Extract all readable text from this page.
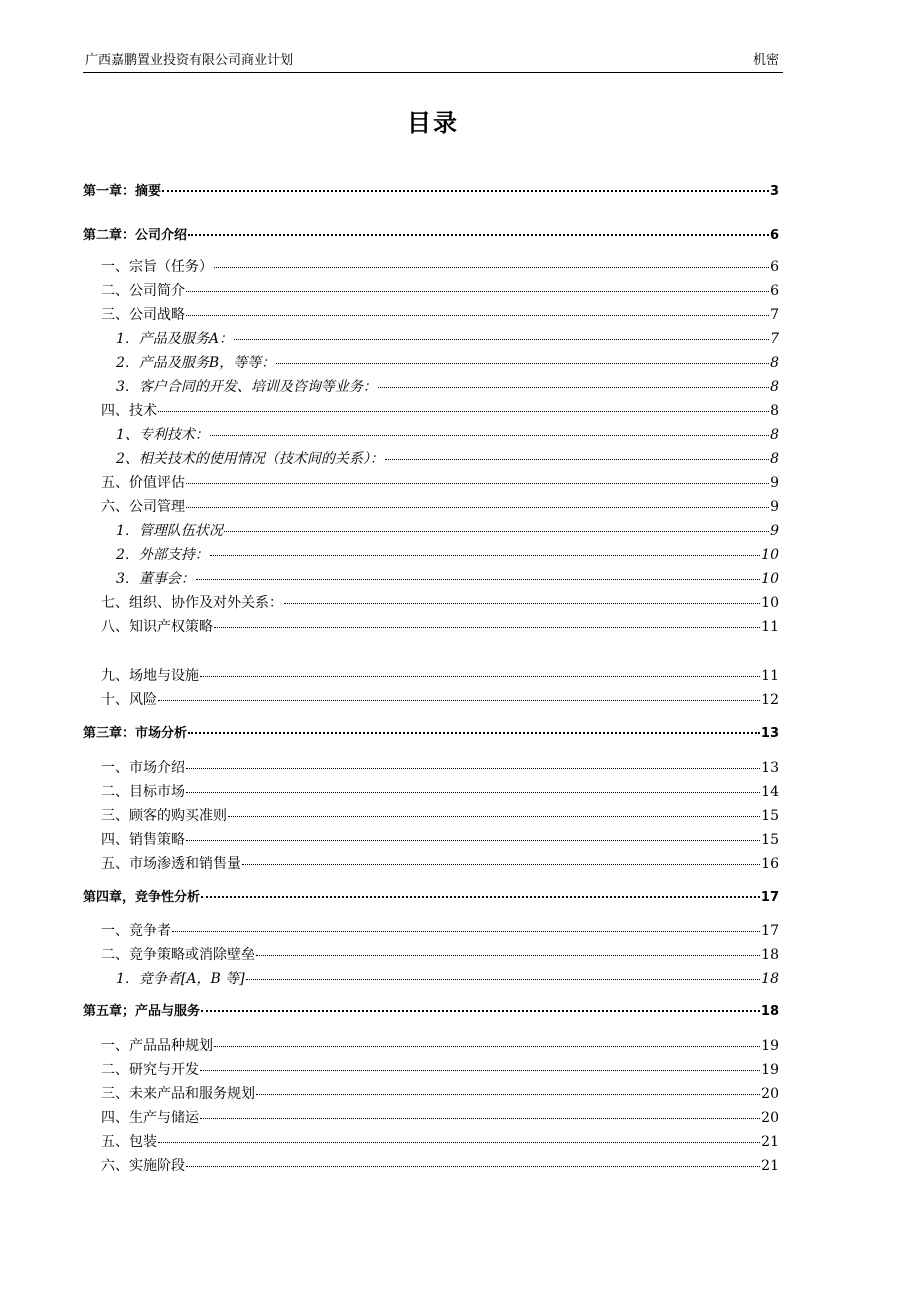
广西嘉鹏置业投资有限公司商业计划	机密
目录
第一章：摘要	3
第二章：公司介绍	6
一、宗旨（任务）	6
二、公司简介	6
三、公司战略	7
1．产品及服务A：	7
2．产品及服务B，等等：	8
3．客户合同的开发、培训及咨询等业务：	8
四、技术	8
1、专利技术：	8
2、相关技术的使用情况（技术间的关系）：	8
五、价值评估	9
六、公司管理	9
1．管理队伍状况	9
2．外部支持：	10
3．董事会：	10
七、组织、协作及对外关系：	10
八、知识产权策略	11
九、场地与设施	11
十、风险	12
第三章：市场分析	13
一、市场介绍	13
二、目标市场	14
三、顾客的购买准则	15
四、销售策略	15
五、市场渗透和销售量	16
第四章，竞争性分析	17
一、竞争者	17
二、竞争策略或消除壁垒	18
1．竞争者[A，B 等]	18
第五章；产品与服务	18
一、产品品种规划	19
二、研究与开发	19
三、未来产品和服务规划	20
四、生产与储运	20
五、包装	21
六、实施阶段	21
